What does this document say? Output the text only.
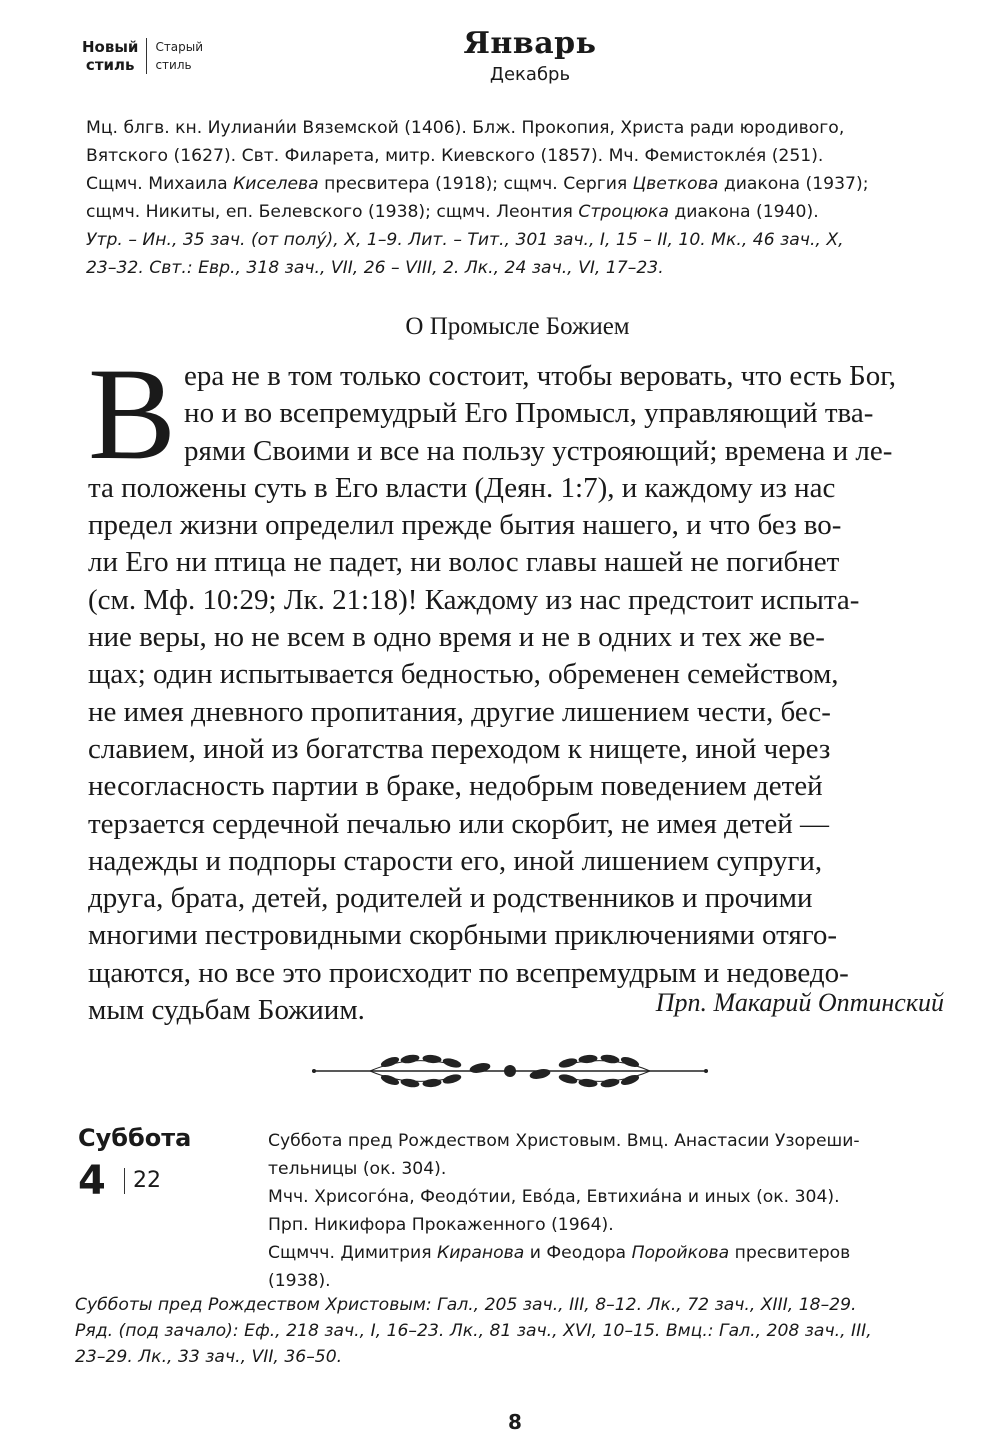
Новый
стиль
Старый
стиль
Январь
Декабрь

Мц. блгв. кн. Иулиани́и Вяземской (1406). Блж. Прокопия, Христа ради юродивого,

Вятского (1627). Свт. Филарета, митр. Киевского (1857). Мч. Фемистокле́я (251).

Сщмч. Михаила Киселева пресвитера (1918); сщмч. Сергия Цветкова диакона (1937);

сщмч. Никиты, еп. Белевского (1938); сщмч. Леонтия Строцюка диакона (1940).

Утр. – Ин., 35 зач. (от полу́), X, 1–9. Лит. – Тит., 301 зач., I, 15 – II, 10. Мк., 46 зач., X,

23–32. Свт.: Евр., 318 зач., VII, 26 – VIII, 2. Лк., 24 зач., VI, 17–23.

О Промысле Божием
В ера не в том только состоит, чтобы веровать, что есть Бог,
но и во всепремудрый Его Промысл, управляющий тва-
рями Своими и все на пользу устрояющий; времена и ле-
та положены суть в Его власти (Деян. 1:7), и каждому из нас
предел жизни определил прежде бытия нашего, и что без во-
ли Его ни птица не падет, ни волос главы нашей не погибнет
(см. Мф. 10:29; Лк. 21:18)! Каждому из нас предстоит испыта-
ние веры, но не всем в одно время и не в одних и тех же ве-
щах; один испытывается бедностью, обременен семейством,
не имея дневного пропитания, другие лишением чести, бес-
славием, иной из богатства переходом к нищете, иной через
несогласность партии в браке, недобрым поведением детей
терзается сердечной печалью или скорбит, не имея детей —
надежды и подпоры старости его, иной лишением супруги,
друга, брата, детей, родителей и родственников и прочими
многими пестровидными скорбными приключениями отяго-
щаются, но все это происходит по всепремудрым и недоведо-
мым судьбам Божиим.	Прп. Макарий Оптинский
Суббота
4	22

Суббота пред Рождеством Христовым. Вмц. Анастасии Узореши-

тельницы (ок. 304).

Мчч. Хрисого́на, Феодо́тии, Ево́да, Евтихиа́на и иных (ок. 304).

Прп. Никифора Прокаженного (1964).

Сщмчч. Димитрия Киранова и Феодора Поройкова пресвитеров

(1938).

Субботы пред Рождеством Христовым: Гал., 205 зач., III, 8–12. Лк., 72 зач., XIII, 18–29.

Ряд. (под зачало): Еф., 218 зач., I, 16–23. Лк., 81 зач., XVI, 10–15. Вмц.: Гал., 208 зач., III,

23–29. Лк., 33 зач., VII, 36–50.

8
